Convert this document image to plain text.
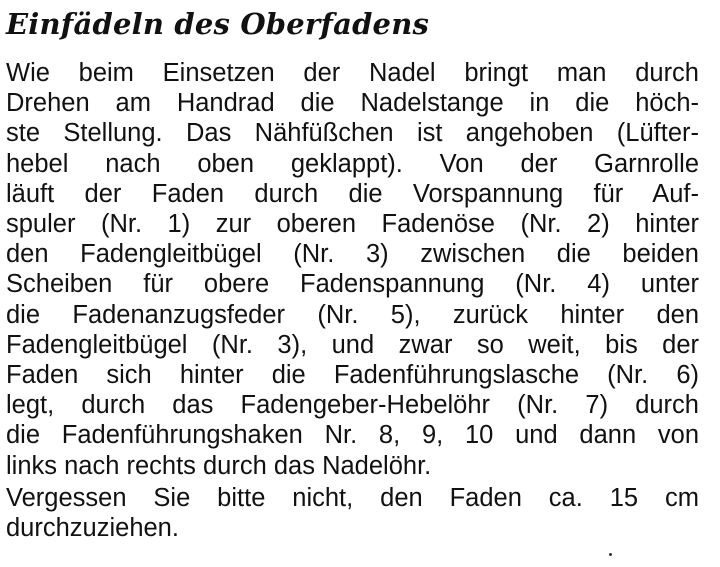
Einfädeln des Oberfadens
Wie beim Einsetzen der Nadel bringt man durch
Drehen am Handrad die Nadelstange in die höch-
ste Stellung. Das Nähfüßchen ist angehoben (Lüfter-
hebel nach oben geklappt). Von der Garnrolle
läuft der Faden durch die Vorspannung für Auf-
spuler (Nr. 1) zur oberen Fadenöse (Nr. 2) hinter
den Fadengleitbügel (Nr. 3) zwischen die beiden
Scheiben für obere Fadenspannung (Nr. 4) unter
die Fadenanzugsfeder (Nr. 5), zurück hinter den
Fadengleitbügel (Nr. 3), und zwar so weit, bis der
Faden sich hinter die Fadenführungslasche (Nr. 6)
legt, durch das Fadengeber-Hebelöhr (Nr. 7) durch
die Fadenführungshaken Nr. 8, 9, 10 und dann von
links nach rechts durch das Nadelöhr.
Vergessen Sie bitte nicht, den Faden ca. 15 cm
durchzuziehen.
